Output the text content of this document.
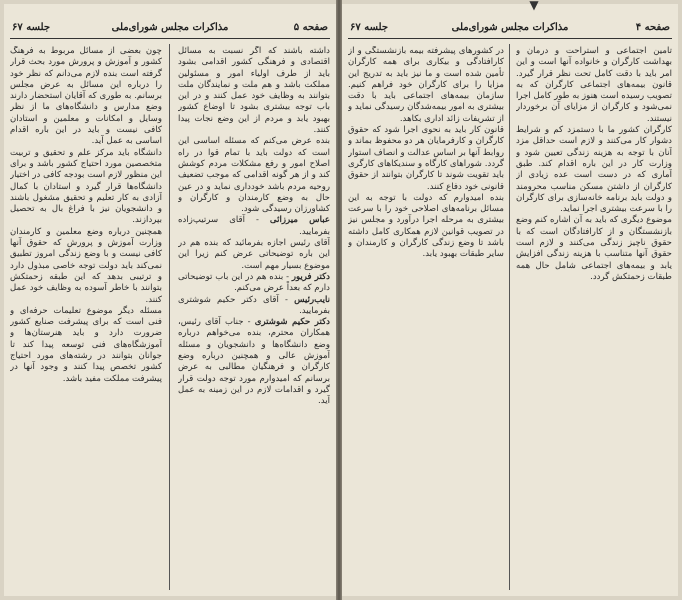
صفحه ۵
مذاکرات مجلس شورای‌ملی
جلسه ۶۷

داشته باشند که اگر نسبت به مسائل اقتصادی و فرهنگی کشور اقدامی بشود باید از طرف اولیاء امور و مسئولین مملکت باشد و هم ملت و نمایندگان ملت بتوانند به وظایف خود عمل کنند و در این باب توجه بیشتری بشود تا اوضاع کشور بهبود یابد و مردم از این وضع نجات پیدا کنند.

بنده عرض می‌کنم که مسئله اساسی این است که دولت باید با تمام قوا در راه اصلاح امور و رفع مشکلات مردم کوشش کند و از هر گونه اقدامی که موجب تضعیف روحیه مردم باشد خودداری نماید و در عین حال به وضع کارمندان و کارگران و کشاورزان رسیدگی شود.

عباس میرزائی - آقای سرتیپ‌زاده بفرمایید.

آقای رئیس اجازه بفرمائید که بنده هم در این باره توضیحاتی عرض کنم زیرا این موضوع بسیار مهم است.

دکتر فریور - بنده هم در این باب توضیحاتی دارم که بعداً عرض می‌کنم.

نایب‌رئیس - آقای دکتر حکیم شوشتری بفرمایید.

دکتر حکیم شوشتری - جناب آقای رئیس، همکاران محترم، بنده می‌خواهم درباره وضع دانشگاه‌ها و دانشجویان و مسئله آموزش عالی و همچنین درباره وضع کارگران و فرهنگیان مطالبی به عرض برسانم که امیدوارم مورد توجه دولت قرار گیرد و اقدامات لازم در این زمینه به عمل آید.

چون بعضی از مسائل مربوط به فرهنگ کشور و آموزش و پرورش مورد بحث قرار گرفته است بنده لازم می‌دانم که نظر خود را درباره این مسائل به عرض مجلس برسانم. به طوری که آقایان استحضار دارند وضع مدارس و دانشگاه‌های ما از نظر وسایل و امکانات و معلمین و استادان کافی نیست و باید در این باره اقدام اساسی به عمل آید.

دانشگاه باید مرکز علم و تحقیق و تربیت متخصصین مورد احتیاج کشور باشد و برای این منظور لازم است بودجه کافی در اختیار دانشگاه‌ها قرار گیرد و استادان با کمال آزادی به کار تعلیم و تحقیق مشغول باشند و دانشجویان نیز با فراغ بال به تحصیل بپردازند.

همچنین درباره وضع معلمین و کارمندان وزارت آموزش و پرورش که حقوق آنها کافی نیست و با وضع زندگی امروز تطبیق نمی‌کند باید دولت توجه خاصی مبذول دارد و ترتیبی بدهد که این طبقه زحمتکش بتوانند با خاطر آسوده به وظایف خود عمل کنند.

مسئله دیگر موضوع تعلیمات حرفه‌ای و فنی است که برای پیشرفت صنایع کشور ضرورت دارد و باید هنرستان‌ها و آموزشگاه‌های فنی توسعه پیدا کند تا جوانان بتوانند در رشته‌های مورد احتیاج کشور تخصص پیدا کنند و وجود آنها در پیشرفت مملکت مفید باشد.

صفحه ۴
مذاکرات مجلس شورای‌ملی
جلسه ۶۷

تأمین اجتماعی و استراحت و درمان و بهداشت کارگران و خانواده آنها است و این امر باید با دقت کامل تحت نظر قرار گیرد. قانون بیمه‌های اجتماعی کارگران که به تصویب رسیده است هنوز به طور کامل اجرا نمی‌شود و کارگران از مزایای آن برخوردار نیستند.

کارگران کشور ما با دستمزد کم و شرایط دشوار کار می‌کنند و لازم است حداقل مزد آنان با توجه به هزینه زندگی تعیین شود و وزارت کار در این باره اقدام کند. طبق آماری که در دست است عده زیادی از کارگران از داشتن مسکن مناسب محرومند و دولت باید برنامه خانه‌سازی برای کارگران را با سرعت بیشتری اجرا نماید.

موضوع دیگری که باید به آن اشاره کنم وضع بازنشستگان و از کارافتادگان است که با حقوق ناچیز زندگی می‌کنند و لازم است حقوق آنها متناسب با هزینه زندگی افزایش یابد و بیمه‌های اجتماعی شامل حال همه طبقات زحمتکش گردد.

در کشورهای پیشرفته بیمه بازنشستگی و از کارافتادگی و بیکاری برای همه کارگران تأمین شده است و ما نیز باید به تدریج این مزایا را برای کارگران خود فراهم کنیم. سازمان بیمه‌های اجتماعی باید با دقت بیشتری به امور بیمه‌شدگان رسیدگی نماید و از تشریفات زائد اداری بکاهد.

قانون کار باید به نحوی اجرا شود که حقوق کارگران و کارفرمایان هر دو محفوظ بماند و روابط آنها بر اساس عدالت و انصاف استوار گردد. شوراهای کارگاه و سندیکاهای کارگری باید تقویت شوند تا کارگران بتوانند از حقوق قانونی خود دفاع کنند.

بنده امیدوارم که دولت با توجه به این مسائل برنامه‌های اصلاحی خود را با سرعت بیشتری به مرحله اجرا درآورد و مجلس نیز در تصویب قوانین لازم همکاری کامل داشته باشد تا وضع زندگی کارگران و کارمندان و سایر طبقات بهبود یابد.

▼
